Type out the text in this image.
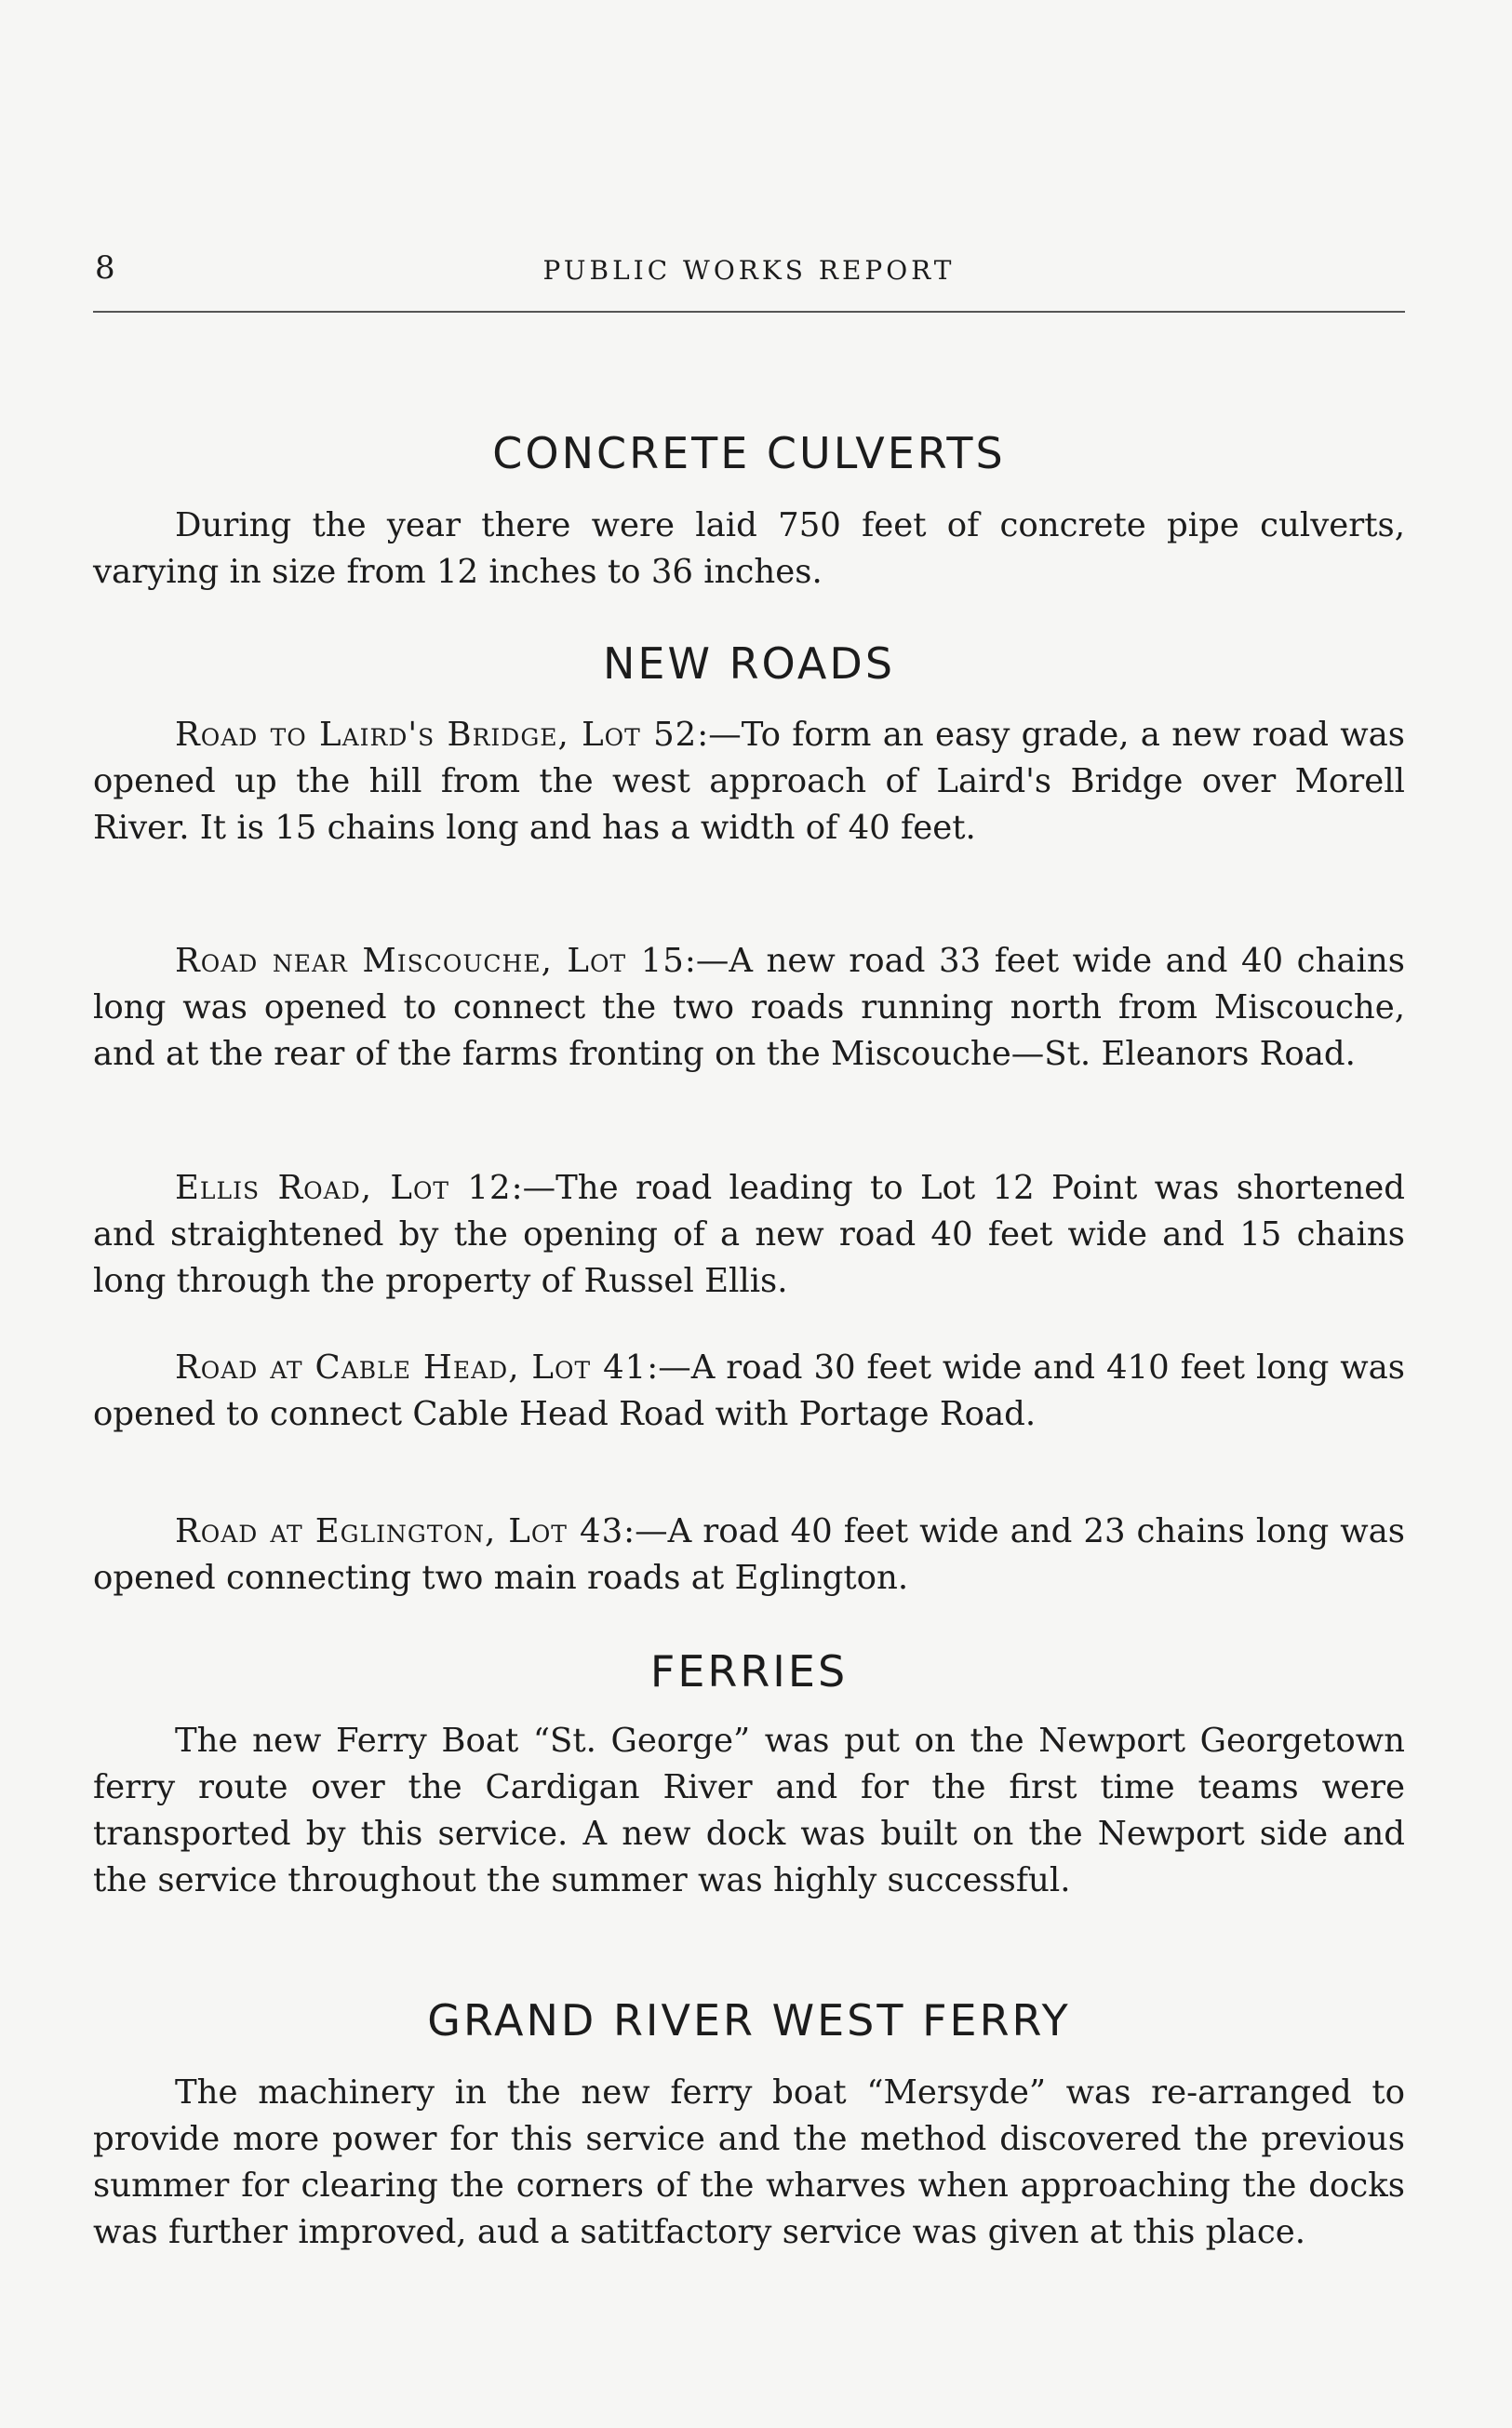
8	PUBLIC WORKS REPORT
CONCRETE CULVERTS

During the year there were laid 750 feet of concrete pipe culverts, varying in size from 12 inches to 36 inches.

NEW ROADS

Road to Laird's Bridge, Lot 52:—To form an easy grade, a new road was opened up the hill from the west approach of Laird's Bridge over Morell River. It is 15 chains long and has a width of 40 feet.

Road near Miscouche, Lot 15:—A new road 33 feet wide and 40 chains long was opened to connect the two roads running north from Miscouche, and at the rear of the farms fronting on the Miscouche—St. Eleanors Road.

Ellis Road, Lot 12:—The road leading to Lot 12 Point was shortened and straightened by the opening of a new road 40 feet wide and 15 chains long through the property of Russel Ellis.

Road at Cable Head, Lot 41:—A road 30 feet wide and 410 feet long was opened to connect Cable Head Road with Portage Road.

Road at Eglington, Lot 43:—A road 40 feet wide and 23 chains long was opened connecting two main roads at Eglington.

FERRIES

The new Ferry Boat “St. George” was put on the Newport Georgetown ferry route over the Cardigan River and for the first time teams were transported by this service. A new dock was built on the Newport side and the service throughout the summer was highly successful.

GRAND RIVER WEST FERRY

The machinery in the new ferry boat “Mersyde” was re-arranged to provide more power for this service and the method discovered the previous summer for clearing the corners of the wharves when approaching the docks was further improved, aud a satitfactory service was given at this place.
